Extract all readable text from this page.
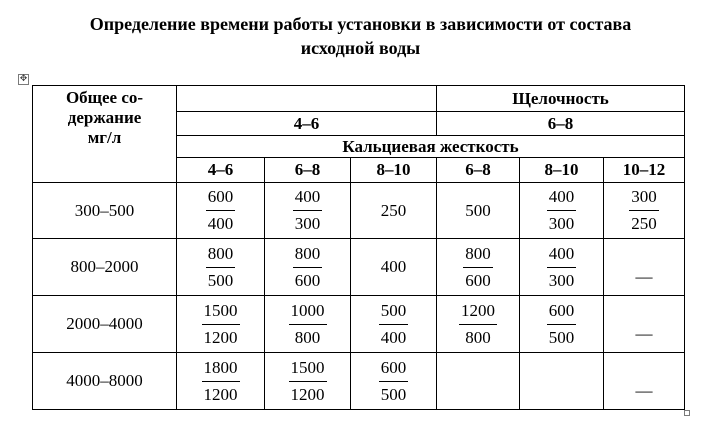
Определение времени работы установки в зависимости от состава
исходной воды
✥
Общее со-
держание
мг/л				Щелочность		
	4–6			6–8		
	Кальциевая жесткость					
	4–6	6–8	8–10	6–8	8–10	10–12
300–500	$\frac{600}{400}$	$\frac{400}{300}$	250	500	$\frac{400}{300}$	$\frac{300}{250}$

800–2000	$\frac{800}{500}$	$\frac{800}{600}$	400	$\frac{800}{600}$	$\frac{400}{300}$	—
2000–4000	$\frac{1500}{1200}$	$\frac{1000}{800}$	$\frac{500}{400}$	$\frac{1200}{800}$	$\frac{600}{500}$	—
4000–8000	$\frac{1800}{1200}$	$\frac{1500}{1200}$	$\frac{600}{500}$			—
